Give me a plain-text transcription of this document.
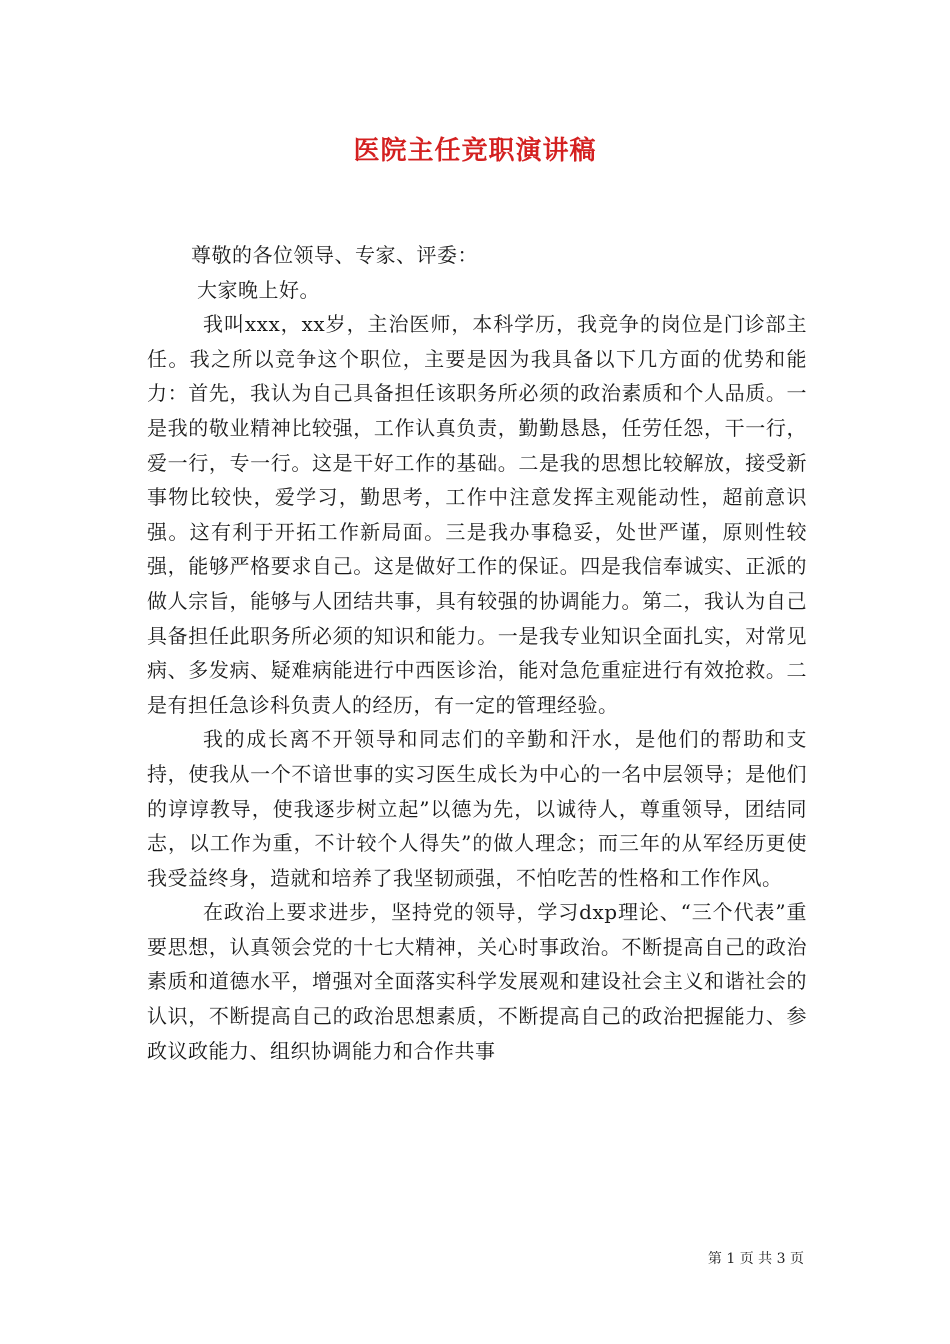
医院主任竞职演讲稿

尊敬的各位领导、专家、评委：

大家晚上好。

我叫xxx，xx岁，主治医师，本科学历，我竞争的岗位是门诊部主任。我之所以竞争这个职位，主要是因为我具备以下几方面的优势和能力：首先，我认为自己具备担任该职务所必须的政治素质和个人品质。一是我的敬业精神比较强，工作认真负责，勤勤恳恳，任劳任怨，干一行，爱一行，专一行。这是干好工作的基础。二是我的思想比较解放，接受新事物比较快，爱学习，勤思考，工作中注意发挥主观能动性，超前意识强。这有利于开拓工作新局面。三是我办事稳妥，处世严谨，原则性较强，能够严格要求自己。这是做好工作的保证。四是我信奉诚实、正派的做人宗旨，能够与人团结共事，具有较强的协调能力。第二，我认为自己具备担任此职务所必须的知识和能力。一是我专业知识全面扎实，对常见病、多发病、疑难病能进行中西医诊治，能对急危重症进行有效抢救。二是有担任急诊科负责人的经历，有一定的管理经验。

我的成长离不开领导和同志们的辛勤和汗水，是他们的帮助和支持，使我从一个不谙世事的实习医生成长为中心的一名中层领导；是他们的谆谆教导，使我逐步树立起”以德为先，以诚待人，尊重领导，团结同志，以工作为重，不计较个人得失”的做人理念；而三年的从军经历更使我受益终身，造就和培养了我坚韧顽强，不怕吃苦的性格和工作作风。

在政治上要求进步，坚持党的领导，学习dxp理论、“三个代表”重要思想，认真领会党的十七大精神，关心时事政治。不断提高自己的政治素质和道德水平，增强对全面落实科学发展观和建设社会主义和谐社会的认识，不断提高自己的政治思想素质，不断提高自己的政治把握能力、参政议政能力、组织协调能力和合作共事

第 1 页 共 3 页
